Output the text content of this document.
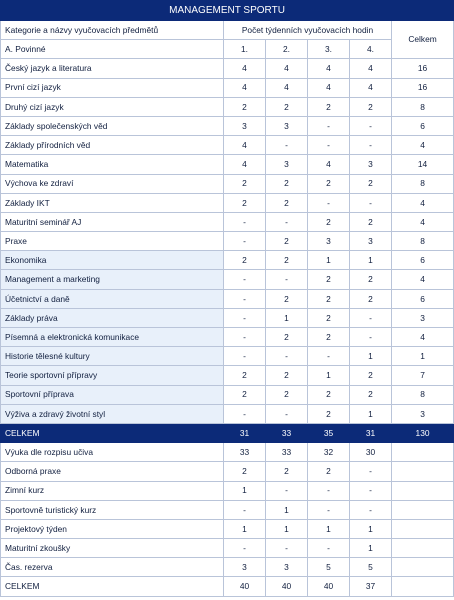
MANAGEMENT SPORTU					
Kategorie a názvy vyučovacích předmětů	Počet týdenních vyučovacích hodin				Celkem
A. Povinné	1.	2.	3.	4.	
Český jazyk a literatura	4	4	4	4	16
První cizí jazyk	4	4	4	4	16
Druhý cizí jazyk	2	2	2	2	8
Základy společenských věd	3	3	-	-	6
Základy přírodních věd	4	-	-	-	4
Matematika	4	3	4	3	14
Výchova ke zdraví	2	2	2	2	8
Základy IKT	2	2	-	-	4
Maturitní seminář AJ	-	-	2	2	4
Praxe	-	2	3	3	8
Ekonomika	2	2	1	1	6
Management a marketing	-	-	2	2	4
Účetnictví a daně	-	2	2	2	6
Základy práva	-	1	2	-	3
Písemná a elektronická komunikace	-	2	2	-	4
Historie tělesné kultury	-	-	-	1	1
Teorie sportovní přípravy	2	2	1	2	7
Sportovní příprava	2	2	2	2	8
Výživa a zdravý životní styl	-	-	2	1	3
CELKEM	31	33	35	31	130
Výuka dle rozpisu učiva	33	33	32	30	
Odborná praxe	2	2	2	-	
Zimní kurz	1	-	-	-	
Sportovně turistický kurz	-	1	-	-	
Projektový týden	1	1	1	1	
Maturitní zkoušky	-	-	-	1	
Čas. rezerva	3	3	5	5	
CELKEM	40	40	40	37	
